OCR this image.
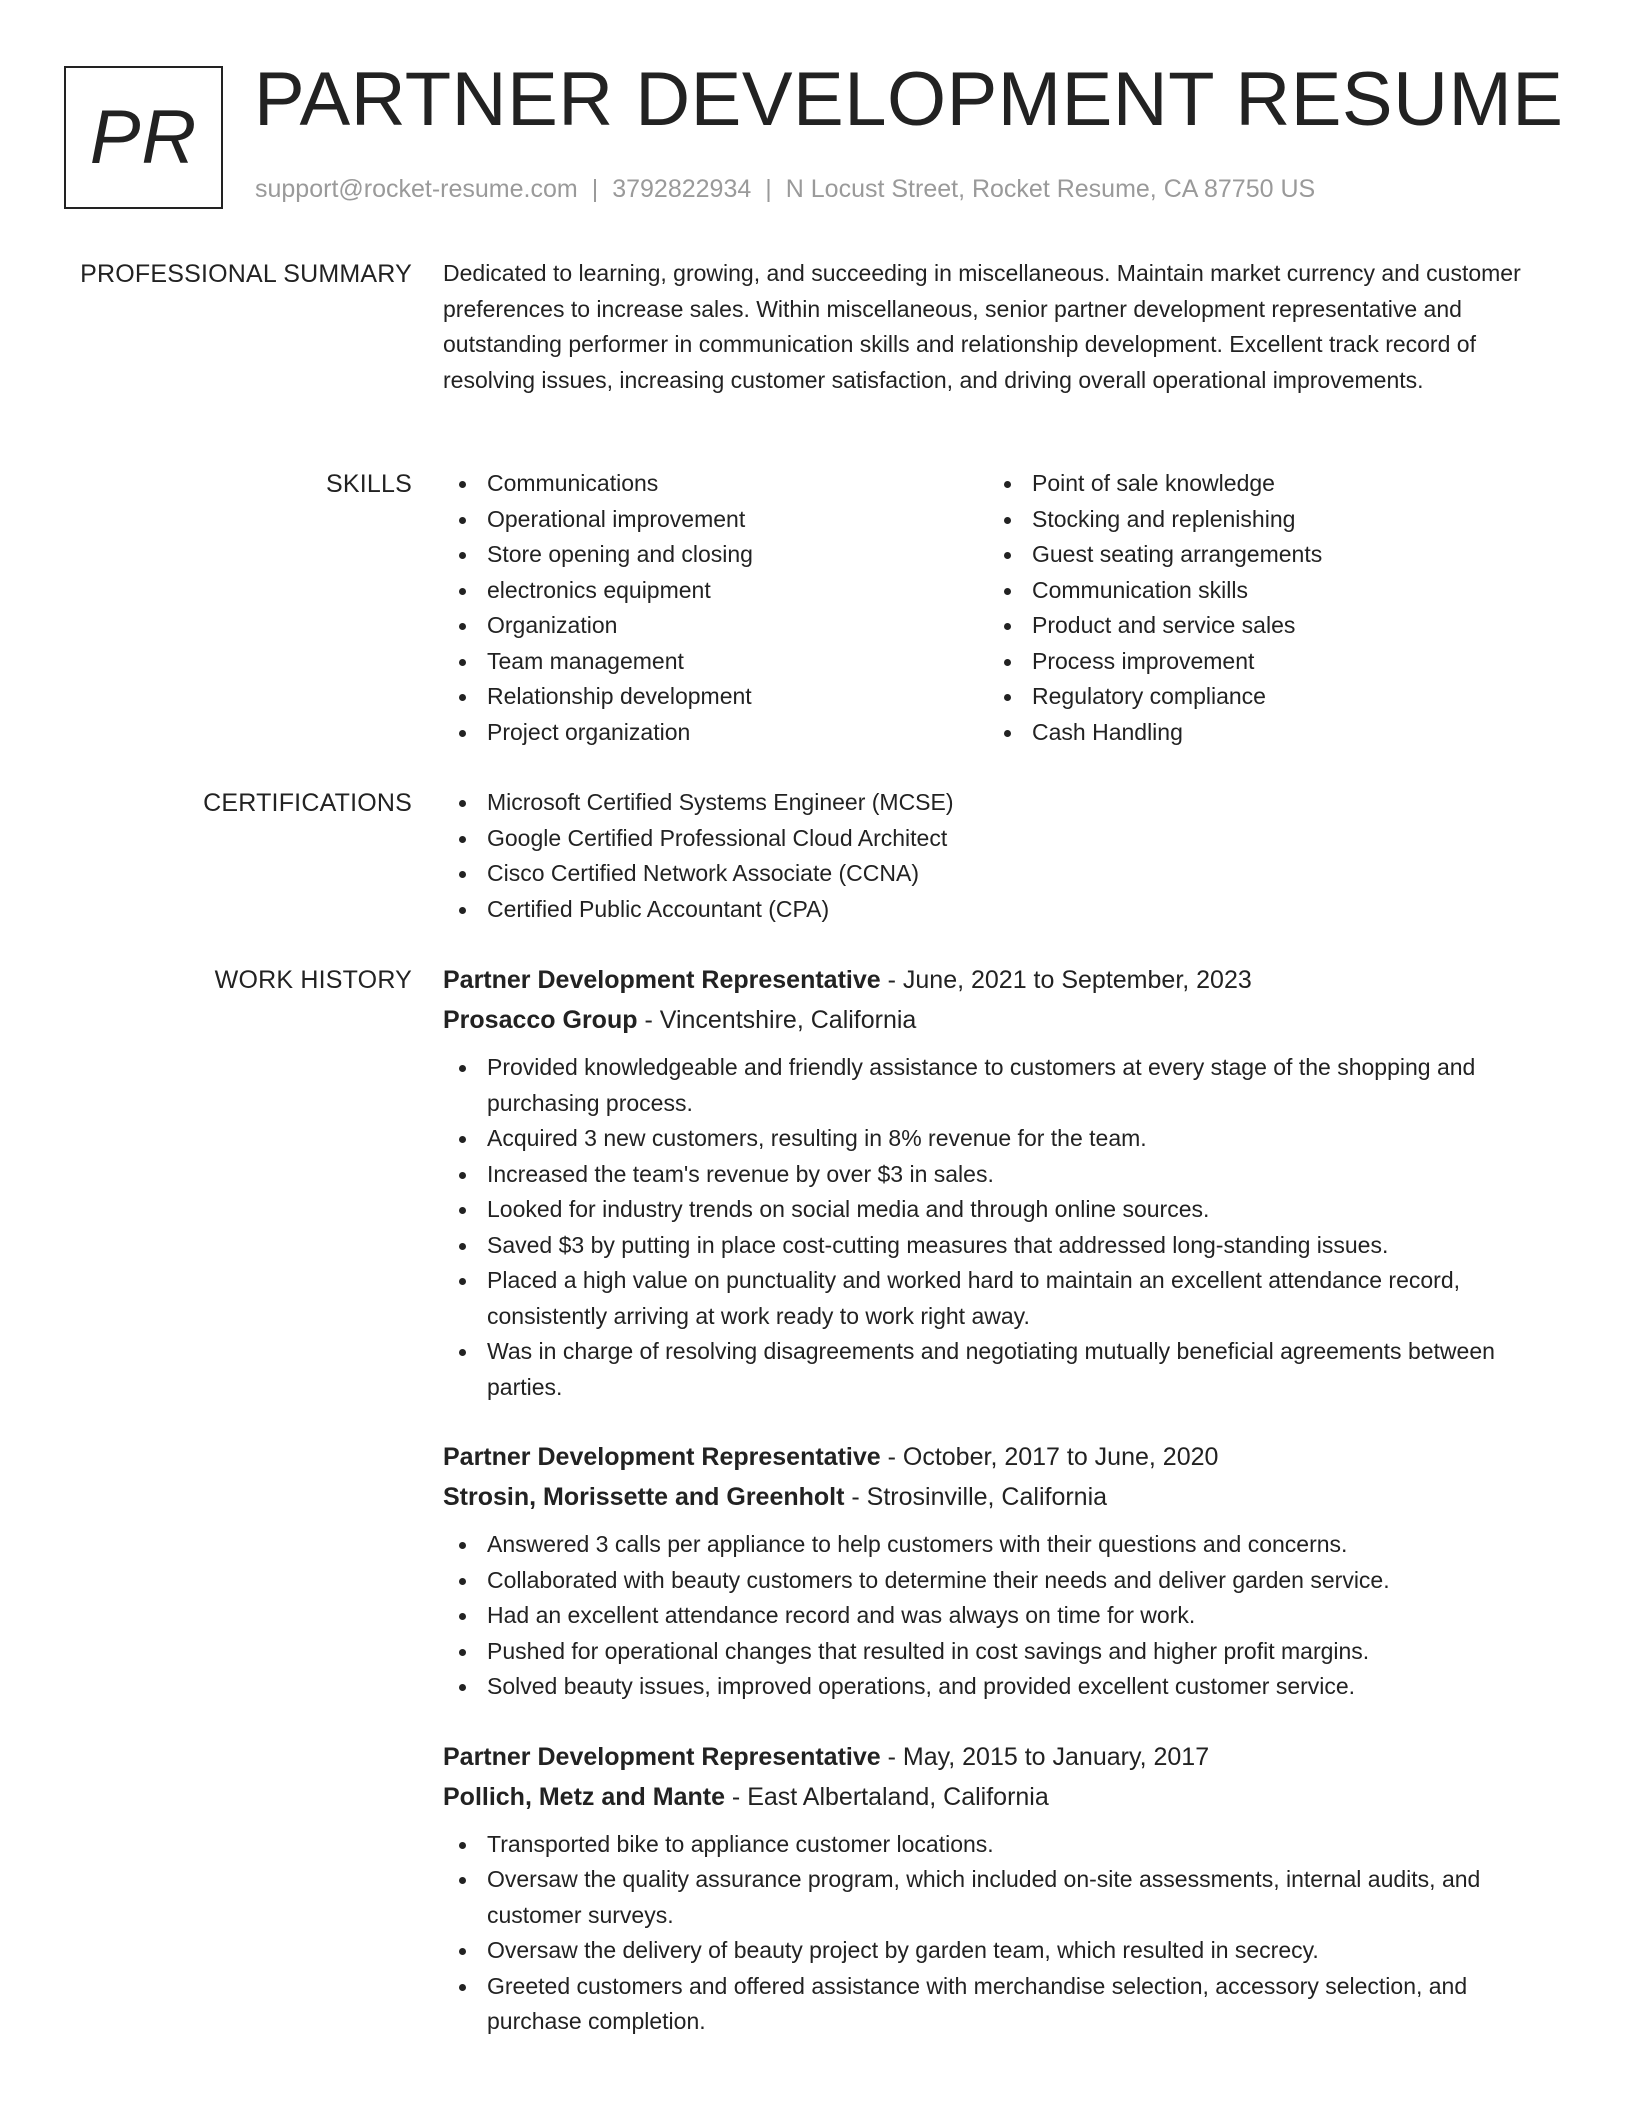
PR PARTNER DEVELOPMENT RESUME
support@rocket-resume.com | 3792822934 | N Locust Street, Rocket Resume, CA 87750 US
PROFESSIONAL SUMMARY Dedicated to learning, growing, and succeeding in miscellaneous. Maintain market currency and customer preferences to increase sales. Within miscellaneous, senior partner development representative and outstanding performer in communication skills and relationship development. Excellent track record of resolving issues, increasing customer satisfaction, and driving overall operational improvements.

SKILLS	Communications
Operational improvement
Store opening and closing
electronics equipment
Organization
Team management
Relationship development
Project organization
Point of sale knowledge
Stocking and replenishing
Guest seating arrangements
Communication skills
Product and service sales
Process improvement
Regulatory compliance
Cash Handling
CERTIFICATIONS	Microsoft Certified Systems Engineer (MCSE)
Google Certified Professional Cloud Architect
Cisco Certified Network Associate (CCNA)
Certified Public Accountant (CPA)
WORK HISTORY Partner Development Representative - June, 2021 to September, 2023
Prosacco Group - Vincentshire, California
Provided knowledgeable and friendly assistance to customers at every stage of the shopping and purchasing process.
Acquired 3 new customers, resulting in 8% revenue for the team.
Increased the team's revenue by over $3 in sales.
Looked for industry trends on social media and through online sources.
Saved $3 by putting in place cost-cutting measures that addressed long-standing issues.
Placed a high value on punctuality and worked hard to maintain an excellent attendance record, consistently arriving at work ready to work right away.
Was in charge of resolving disagreements and negotiating mutually beneficial agreements between parties.
Partner Development Representative - October, 2017 to June, 2020
Strosin, Morissette and Greenholt - Strosinville, California
Answered 3 calls per appliance to help customers with their questions and concerns.
Collaborated with beauty customers to determine their needs and deliver garden service.
Had an excellent attendance record and was always on time for work.
Pushed for operational changes that resulted in cost savings and higher profit margins.
Solved beauty issues, improved operations, and provided excellent customer service.
Partner Development Representative - May, 2015 to January, 2017
Pollich, Metz and Mante - East Albertaland, California
Transported bike to appliance customer locations.
Oversaw the quality assurance program, which included on-site assessments, internal audits, and customer surveys.
Oversaw the delivery of beauty project by garden team, which resulted in secrecy.
Greeted customers and offered assistance with merchandise selection, accessory selection, and purchase completion.
